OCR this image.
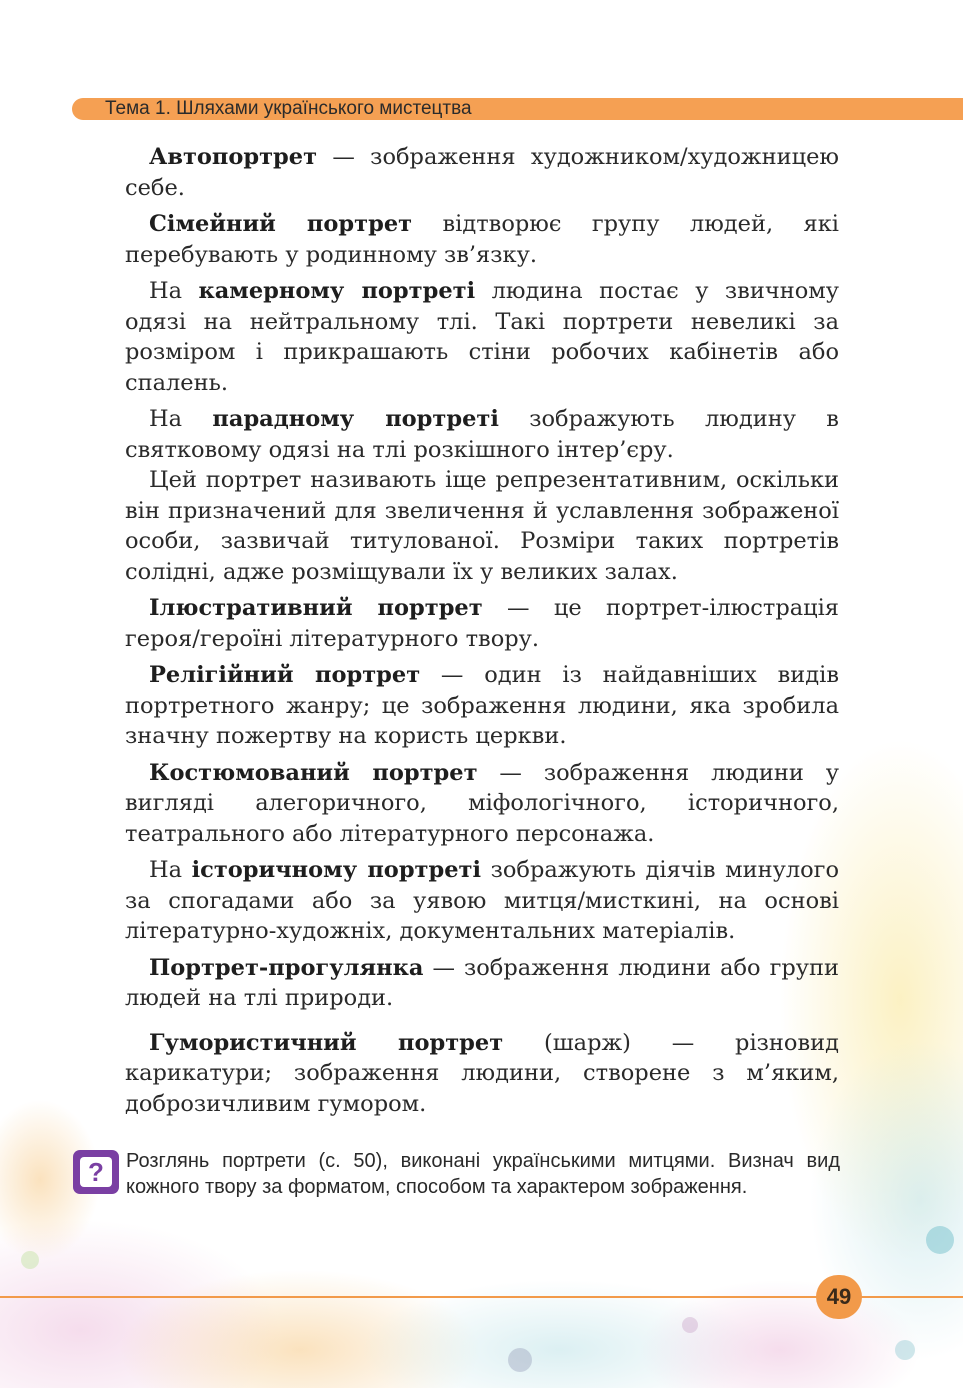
Тема 1. Шляхами українського мистецтва

Автопортрет — зображення художником/художницею себе.

Сімейний портрет відтворює групу людей, які перебувають у родинному зв’язку.

На камерному портреті людина постає у звичному одязі на нейтральному тлі. Такі портрети невеликі за розміром і прикрашають стіни робочих кабінетів або спалень.

На парадному портреті зображують людину в святковому одязі на тлі розкішного інтер’єру.

Цей портрет називають іще репрезентативним, оскільки він призначений для звеличення й уславлення зображеної особи, зазвичай титулованої. Розміри таких портретів солідні, адже розміщували їх у великих залах.

Ілюстративний портрет — це портрет-ілюстрація героя/героїні літературного твору.

Релігійний портрет — один із найдавніших видів портретного жанру; це зображення людини, яка зробила значну пожертву на користь церкви.

Костюмований портрет — зображення людини у вигляді алегоричного, міфологічного, історичного, театрального або літературного персонажа.

На історичному портреті зображують діячів минулого за спогадами або за уявою митця/мисткині, на основі літературно-художніх, документальних матеріалів.

Портрет-прогулянка — зображення людини або групи людей на тлі природи.

Гумористичний портрет (шарж) — різновид карикатури; зображення людини, створене з м’яким, доброзичливим гумором.

?	Розглянь портрети (с. 50), виконані українськими митцями. Визнач вид кожного твору за форматом, способом та характером зображення.
49
